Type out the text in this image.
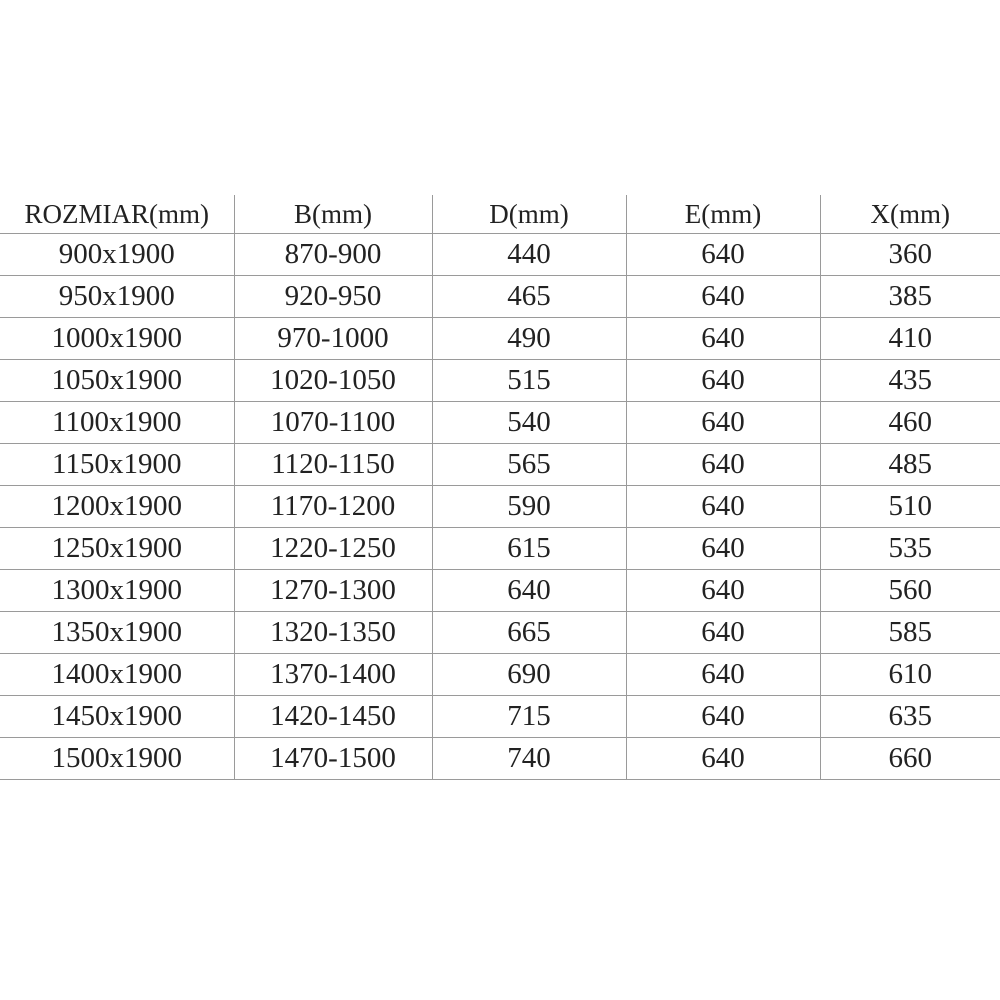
ROZMIAR(mm)	B(mm)	D(mm)	E(mm)	X(mm)
900x1900	870-900	440	640	360
950x1900	920-950	465	640	385
1000x1900	970-1000	490	640	410
1050x1900	1020-1050	515	640	435
1100x1900	1070-1100	540	640	460
1150x1900	1120-1150	565	640	485
1200x1900	1170-1200	590	640	510
1250x1900	1220-1250	615	640	535
1300x1900	1270-1300	640	640	560
1350x1900	1320-1350	665	640	585
1400x1900	1370-1400	690	640	610
1450x1900	1420-1450	715	640	635
1500x1900	1470-1500	740	640	660
